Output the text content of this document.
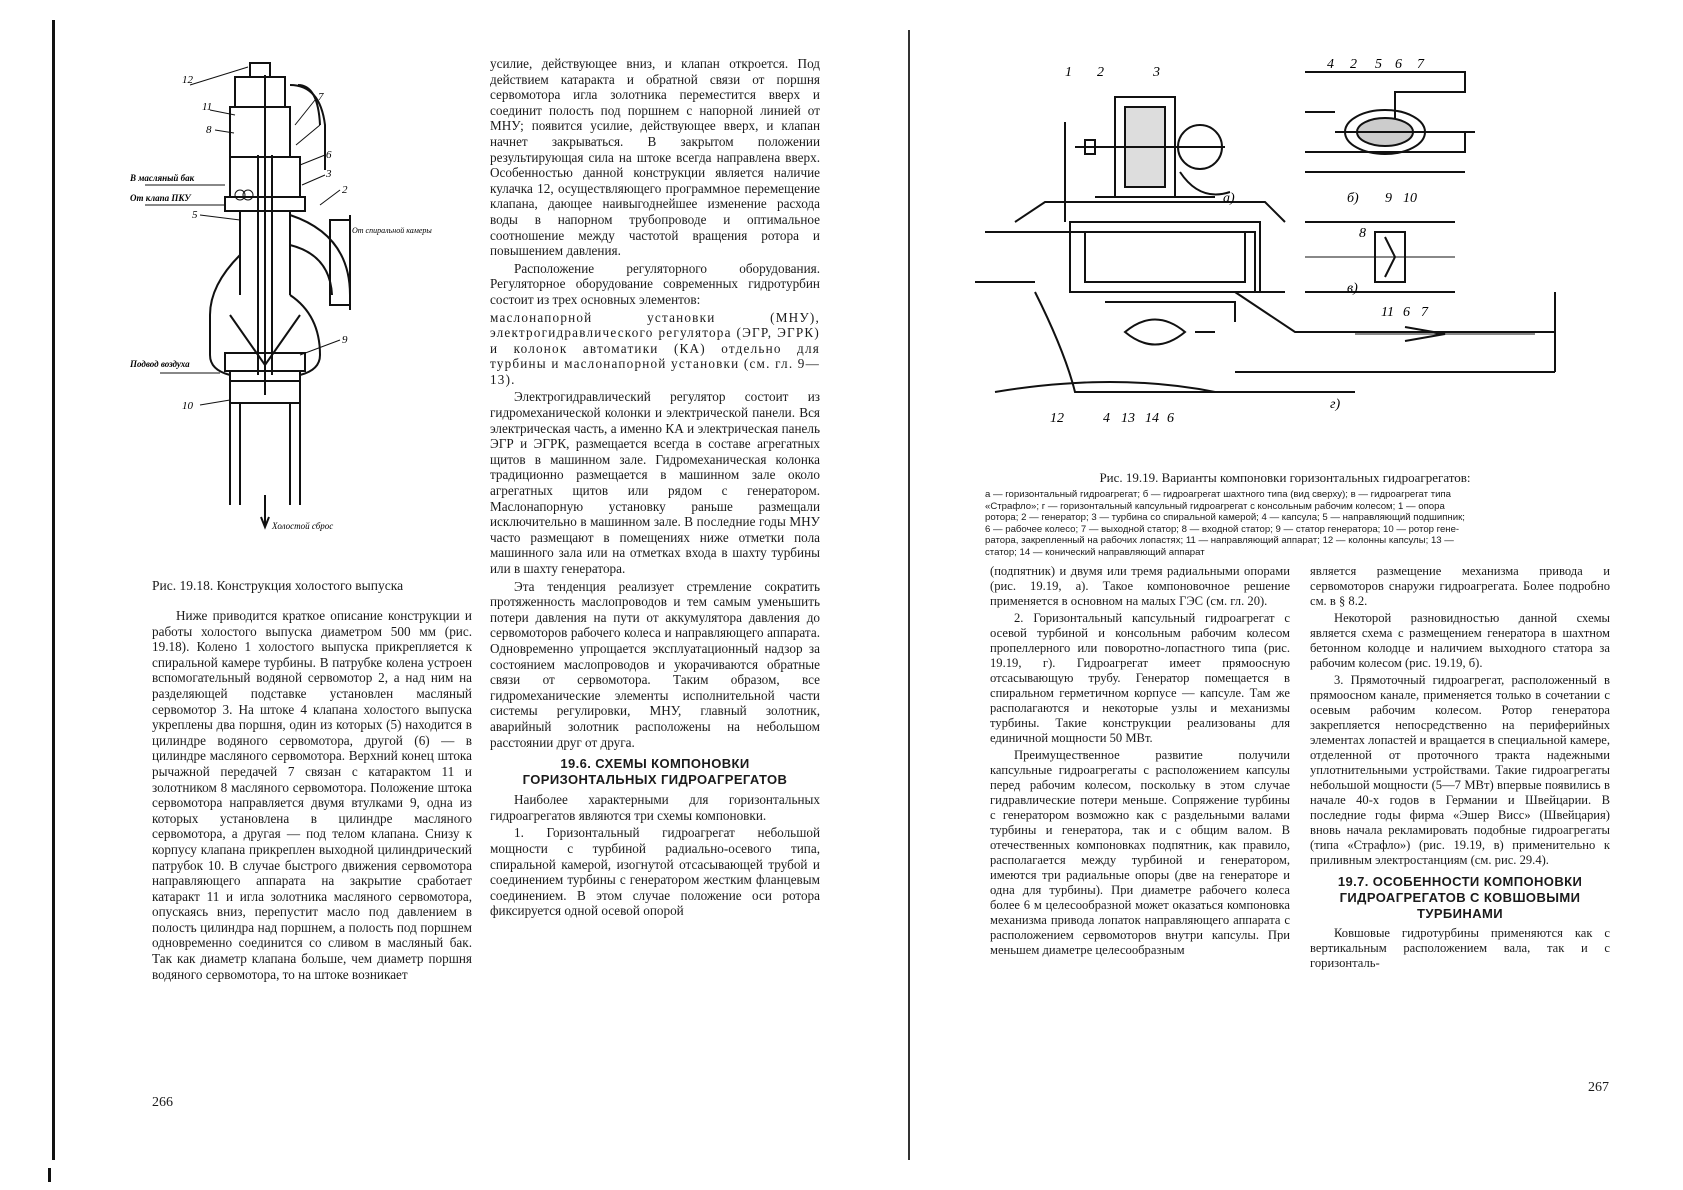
12
11
8
7
6
3
5
2
9
10
В масляный бак
От клапа ПКУ
От спиральной камеры
Подвод воздуха
Холостой сброс
Рис. 19.18. Конструкция холостого выпуска

Ниже приводится краткое описание конструкции и работы холостого выпуска диаметром 500 мм (рис. 19.18). Колено 1 холостого выпуска прикрепляется к спиральной камере турбины. В патрубке колена устроен вспомогательный водяной сервомотор 2, а над ним на разделяющей подставке установлен масляный сервомотор 3. На штоке 4 клапана холостого выпуска укреплены два поршня, один из которых (5) находится в цилиндре водяного сервомотора, другой (6) — в цилиндре масляного сервомотора. Верхний конец штока рычажной передачей 7 связан с катарактом 11 и золотником 8 масляного сервомотора. Положение штока сервомотора направляется двумя втулками 9, одна из которых установлена в цилиндре масляного сервомотора, а другая — под телом клапана. Снизу к корпусу клапана прикреплен выходной цилиндрический патрубок 10. В случае быстрого движения сервомотора направляющего аппарата на закрытие сработает катаракт 11 и игла золотника масляного сервомотора, опускаясь вниз, перепустит масло под давлением в полость цилиндра над поршнем, а полость под поршнем одновременно соединится со сливом в масляный бак. Так как диаметр клапана больше, чем диаметр поршня водяного сервомотора, то на штоке возникает

усилие, действующее вниз, и клапан откроется. Под действием катаракта и обратной связи от поршня сервомотора игла золотника переместится вверх и соединит полость под поршнем с напорной линией от МНУ; появится усилие, действующее вверх, и клапан начнет закрываться. В закрытом положении результирующая сила на штоке всегда направлена вверх. Особенностью данной конструкции является наличие кулачка 12, осуществляющего программное перемещение клапана, дающее наивыгоднейшее изменение расхода воды в напорном трубопроводе и оптимальное соотношение между частотой вращения ротора и повышением давления.

Расположение регуляторного оборудования. Регуляторное оборудование современных гидротурбин состоит из трех основных элементов:

маслонапорной установки (МНУ), электрогидравлического регулятора (ЭГР, ЭГРК) и колонок автоматики (КА) отдельно для турбины и маслонапорной установки (см. гл. 9—13).

Электрогидравлический регулятор состоит из гидромеханической колонки и электрической панели. Вся электрическая часть, а именно КА и электрическая панель ЭГР и ЭГРК, размещается всегда в составе агрегатных щитов в машинном зале. Гидромеханическая колонка традиционно размещается в машинном зале около агрегатных щитов или рядом с генератором. Маслонапорную установку раньше размещали исключительно в машинном зале. В последние годы МНУ часто размещают в помещениях ниже отметки пола машинного зала или на отметках входа в шахту турбины или в шахту генератора.

Эта тенденция реализует стремление сократить протяженность маслопроводов и тем самым уменьшить потери давления на пути от аккумулятора давления до сервомоторов рабочего колеса и направляющего аппарата. Одновременно упрощается эксплуатационный надзор за состоянием маслопроводов и укорачиваются обратные связи от сервомотора. Таким образом, все гидромеханические элементы исполнительной части системы регулировки, МНУ, главный золотник, аварийный золотник расположены на небольшом расстоянии друг от друга.

19.6. СХЕМЫ КОМПОНОВКИ
ГОРИЗОНТАЛЬНЫХ ГИДРОАГРЕГАТОВ

Наиболее характерными для горизонтальных гидроагрегатов являются три схемы компоновки.

1. Горизонтальный гидроагрегат небольшой мощности с турбиной радиально-осевого типа, спиральной камерой, изогнутой отсасывающей трубой и соединением турбины с генератором жестким фланцевым соединением. В этом случае положение оси ротора фиксируется одной осевой опорой

266
1 2	3
а)
4 2 5 6 7
б) 9 10
8
в)
11 6 7
12	4 13 14 6
г)
Рис. 19.19. Варианты компоновки горизонтальных гидроагрегатов:
а — горизонтальный гидроагрегат; б — гидроагрегат шахтного типа (вид сверху); в — гидроагрегат типа
«Страфло»; г — горизонтальный капсульный гидроагрегат с консольным рабочим колесом; 1 — опора
ротора; 2 — генератор; 3 — турбина со спиральной камерой; 4 — капсула; 5 — направляющий подшипник;
6 — рабочее колесо; 7 — выходной статор; 8 — входной статор; 9 — статор генератора; 10 — ротор гене-
ратора, закрепленный на рабочих лопастях; 11 — направляющий аппарат; 12 — колонны капсулы; 13 —
статор; 14 — конический направляющий аппарат

(подпятник) и двумя или тремя радиальными опорами (рис. 19.19, а). Такое компоновочное решение применяется в основном на малых ГЭС (см. гл. 20).

2. Горизонтальный капсульный гидроагрегат с осевой турбиной и консольным рабочим колесом пропеллерного или поворотно-лопастного типа (рис. 19.19, г). Гидроагрегат имеет прямоосную отсасывающую трубу. Генератор помещается в спиральном герметичном корпусе — капсуле. Там же располагаются и некоторые узлы и механизмы турбины. Такие конструкции реализованы для единичной мощности 50 МВт.

Преимущественное развитие получили капсульные гидроагрегаты с расположением капсулы перед рабочим колесом, поскольку в этом случае гидравлические потери меньше. Сопряжение турбины с генератором возможно как с раздельными валами турбины и генератора, так и с общим валом. В отечественных компоновках подпятник, как правило, располагается между турбиной и генератором, имеются три радиальные опоры (две на генераторе и одна для турбины). При диаметре рабочего колеса более 6 м целесообразной может оказаться компоновка механизма привода лопаток направляющего аппарата с расположением сервомоторов внутри капсулы. При меньшем диаметре целесообразным

является размещение механизма привода и сервомоторов снаружи гидроагрегата. Более подробно см. в § 8.2.

Некоторой разновидностью данной схемы является схема с размещением генератора в шахтном бетонном колодце и наличием выходного статора за рабочим колесом (рис. 19.19, б).

3. Прямоточный гидроагрегат, расположенный в прямоосном канале, применяется только в сочетании с осевым рабочим колесом. Ротор генератора закрепляется непосредственно на периферийных элементах лопастей и вращается в специальной камере, отделенной от проточного тракта надежными уплотнительными устройствами. Такие гидроагрегаты небольшой мощности (5—7 МВт) впервые появились в начале 40-х годов в Германии и Швейцарии. В последние годы фирма «Эшер Висс» (Швейцария) вновь начала рекламировать подобные гидроагрегаты (типа «Страфло») (рис. 19.19, в) применительно к приливным электростанциям (см. рис. 29.4).

19.7. ОСОБЕННОСТИ КОМПОНОВКИ
ГИДРОАГРЕГАТОВ С КОВШОВЫМИ
ТУРБИНАМИ

Ковшовые гидротурбины применяются как с вертикальным расположением вала, так и с горизонталь-

267
